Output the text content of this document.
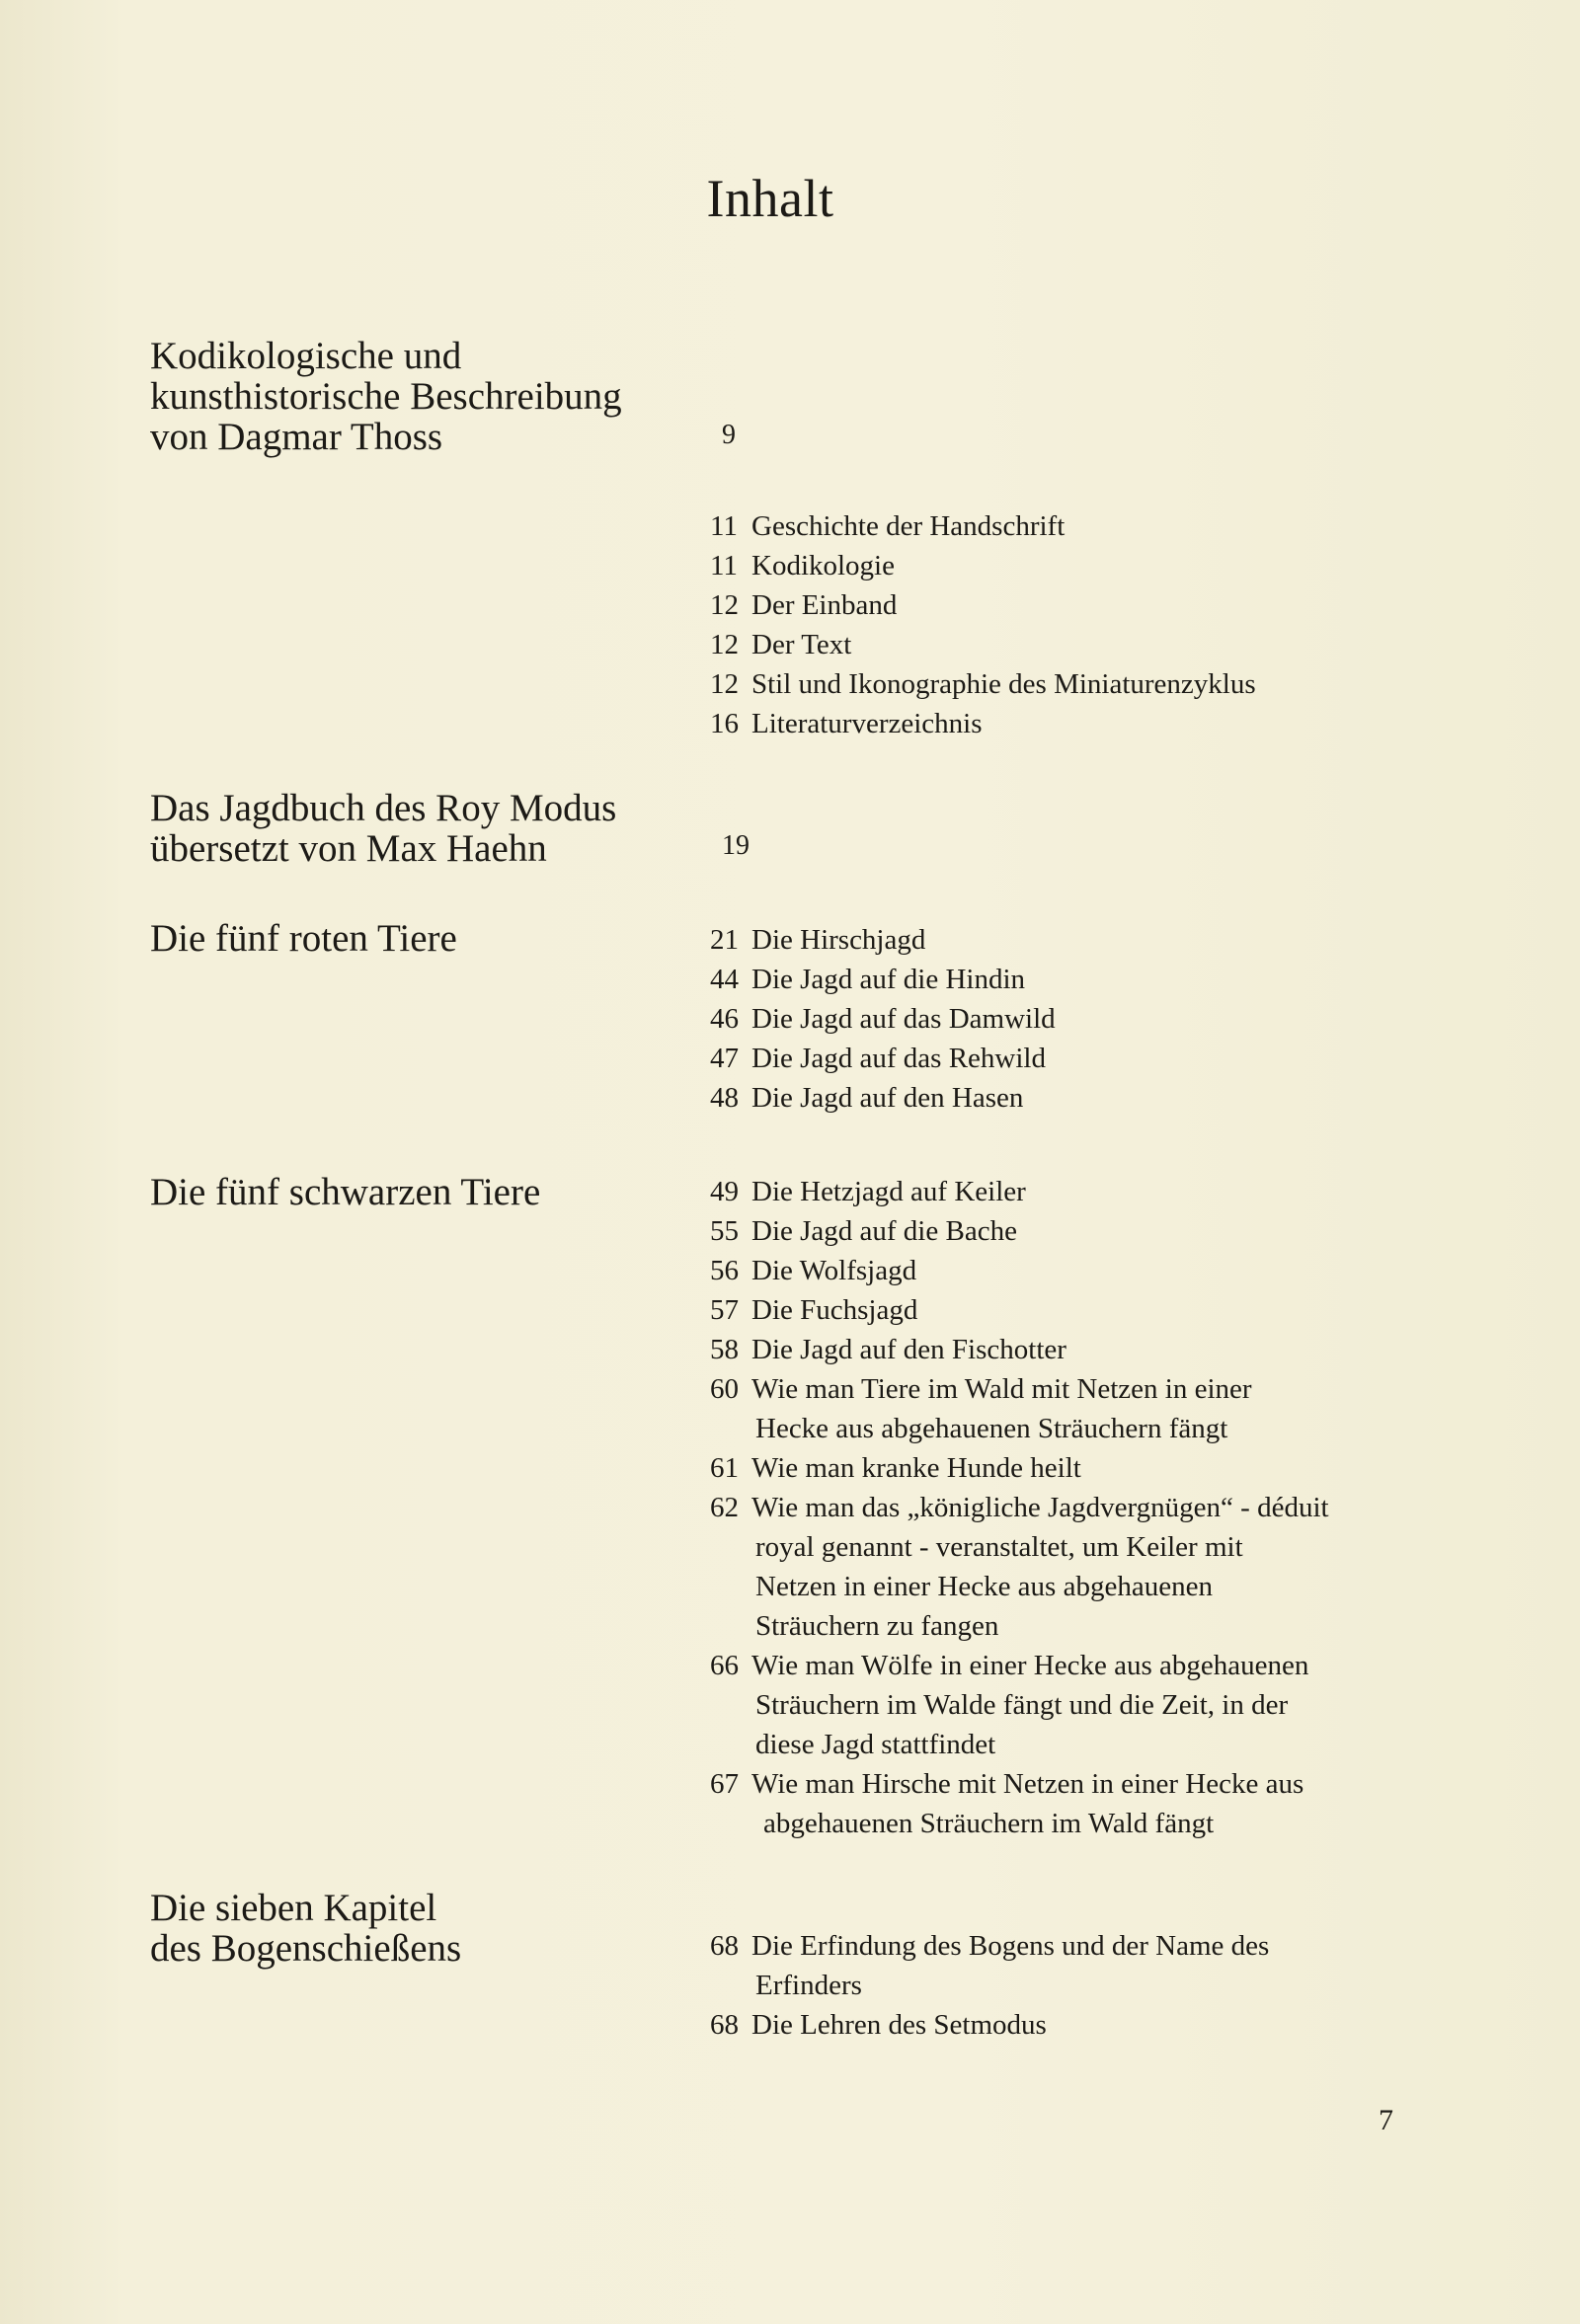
Inhalt
Kodikologische und
kunsthistorische Beschreibung
von Dagmar Thoss	9
11 Geschichte der Handschrift
11 Kodikologie
12 Der Einband
12 Der Text
12 Stil und Ikonographie des Miniaturenzyklus
16 Literaturverzeichnis
Das Jagdbuch des Roy Modus
übersetzt von Max Haehn	19
Die fünf roten Tiere	21 Die Hirschjagd
44 Die Jagd auf die Hindin
46 Die Jagd auf das Damwild
47 Die Jagd auf das Rehwild
48 Die Jagd auf den Hasen
Die fünf schwarzen Tiere	49 Die Hetzjagd auf Keiler
55 Die Jagd auf die Bache
56 Die Wolfsjagd
57 Die Fuchsjagd
58 Die Jagd auf den Fischotter
60 Wie man Tiere im Wald mit Netzen in einer
Hecke aus abgehauenen Sträuchern fängt
61 Wie man kranke Hunde heilt
62 Wie man das „königliche Jagdvergnügen“ - déduit
royal genannt - veranstaltet, um Keiler mit
Netzen in einer Hecke aus abgehauenen
Sträuchern zu fangen
66 Wie man Wölfe in einer Hecke aus abgehauenen
Sträuchern im Walde fängt und die Zeit, in der
diese Jagd stattfindet
67 Wie man Hirsche mit Netzen in einer Hecke aus
abgehauenen Sträuchern im Wald fängt
Die sieben Kapitel
des Bogenschießens	68 Die Erfindung des Bogens und der Name des
Erfinders
68 Die Lehren des Setmodus
7
